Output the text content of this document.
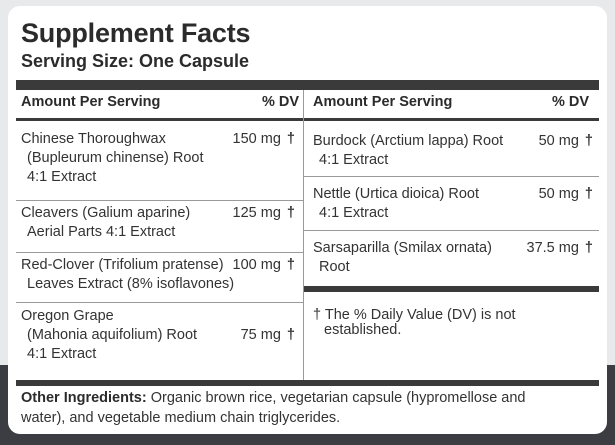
Supplement Facts
Serving Size: One Capsule
Amount Per Serving	% DV Amount Per Serving	% DV
Chinese Thoroughwax
(Bupleurum chinense) Root
4:1 Extract
150 mg †
Cleavers (Galium aparine)
Aerial Parts 4:1 Extract
125 mg †
Red-Clover (Trifolium pratense)
Leaves Extract (8% isoflavones)
100 mg †
Oregon Grape
(Mahonia aquifolium) Root
4:1 Extract
75 mg †
Burdock (Arctium lappa) Root
4:1 Extract
50 mg †
Nettle (Urtica dioica) Root
4:1 Extract
50 mg †
Sarsaparilla (Smilax ornata)
Root
37.5 mg †
† The % Daily Value (DV) is not
established.
Other Ingredients: Organic brown rice, vegetarian capsule (hypromellose and
water), and vegetable medium chain triglycerides.
